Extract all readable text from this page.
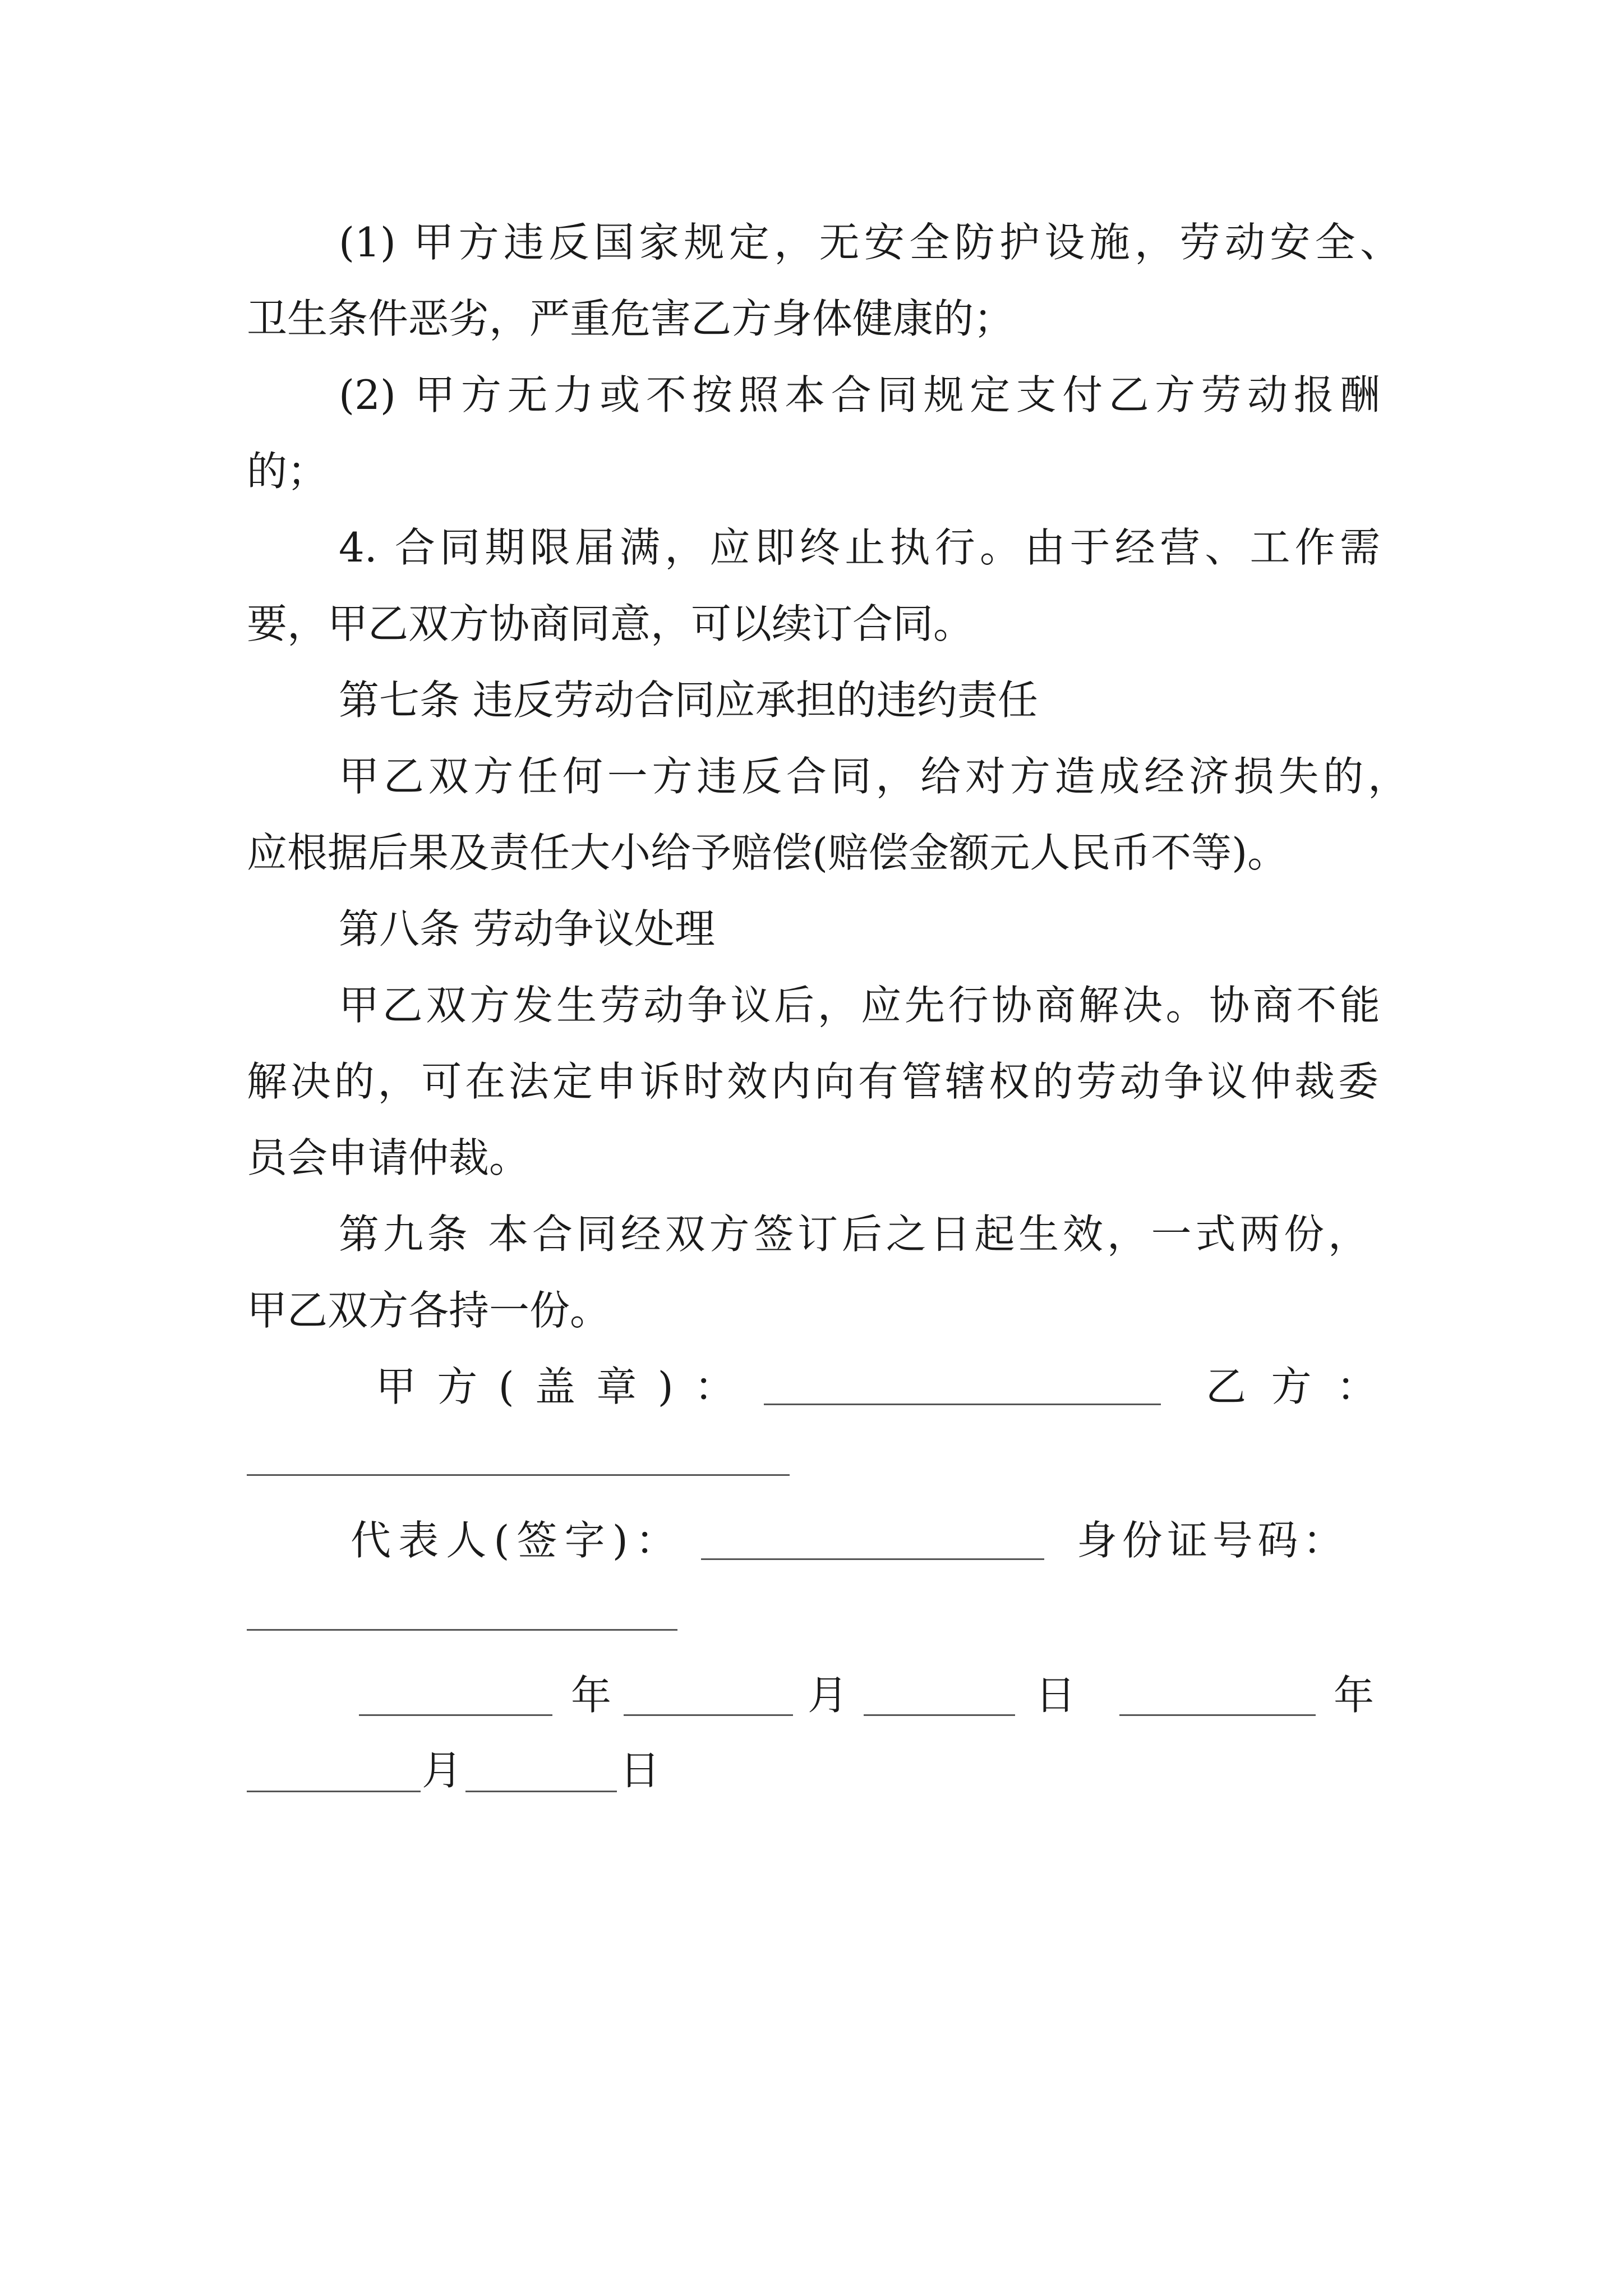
(1) 甲方违反国家规定，无安全防护设施，劳动安全、
卫生条件恶劣，严重危害乙方身体健康的；
(2) 甲方无力或不按照本合同规定支付乙方劳动报酬
的；
4. 合同期限届满，应即终止执行。由于经营、工作需
要，甲乙双方协商同意，可以续订合同。
第七条 违反劳动合同应承担的违约责任
甲乙双方任何一方违反合同，给对方造成经济损失的，
应根据后果及责任大小给予赔偿(赔偿金额元人民币不等)。
第八条 劳动争议处理
甲乙双方发生劳动争议后，应先行协商解决。协商不能
解决的，可在法定申诉时效内向有管辖权的劳动争议仲裁委
员会申请仲裁。
第九条 本合同经双方签订后之日起生效，一式两份，
甲乙双方各持一份。
甲方(盖章)：	乙方：
代表人(签字)：	身份证号码：
年	月	日	年
月	日
